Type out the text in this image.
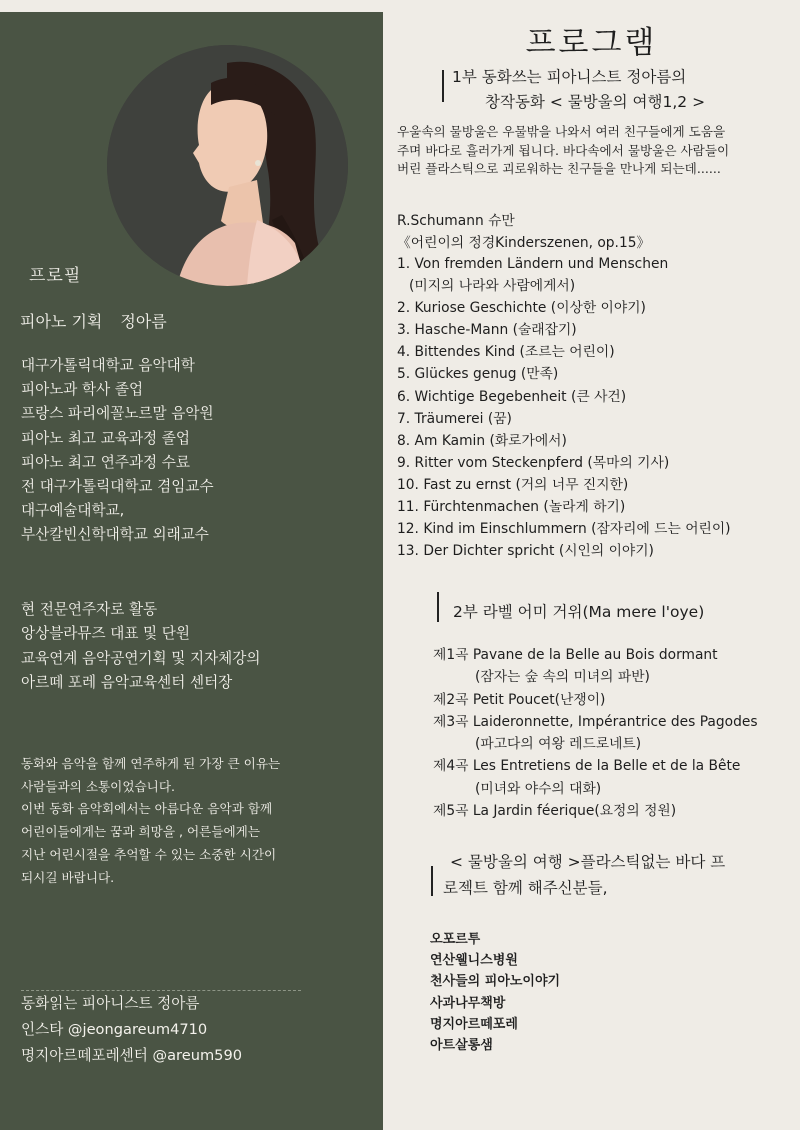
프로필
피아노 기획 정아름
대구가톨릭대학교 음악대학
피아노과 학사 졸업
프랑스 파리에꼴노르말 음악원
피아노 최고 교육과정 졸업
피아노 최고 연주과정 수료
전 대구가톨릭대학교 겸임교수
대구예술대학교,
부산칼빈신학대학교 외래교수
현 전문연주자로 활동
앙상블라뮤즈 대표 및 단원
교육연계 음악공연기획 및 지자체강의
아르떼 포레 음악교육센터 센터장
동화와 음악을 함께 연주하게 된 가장 큰 이유는
사람들과의 소통이었습니다.
이번 동화 음악회에서는 아름다운 음악과 함께
어린이들에게는 꿈과 희망을 , 어른들에게는
지난 어린시절을 추억할 수 있는 소중한 시간이
되시길 바랍니다.
동화읽는 피아니스트 정아름
인스타 @jeongareum4710
명지아르떼포레센터 @areum590
프로그램
1부 동화쓰는 피아니스트 정아름의
창작동화 < 물방울의 여행1,2 >
우울속의 물방울은 우물밖을 나와서 여러 친구들에게 도움을
주며 바다로 흘러가게 됩니다. 바다속에서 물방울은 사람들이
버린 플라스틱으로 괴로워하는 친구들을 만나게 되는데......
R.Schumann 슈만
《어린이의 정경Kinderszenen, op.15》
1. Von fremden Ländern und Menschen
(미지의 나라와 사람에게서)
2. Kuriose Geschichte (이상한 이야기)
3. Hasche-Mann (술래잡기)
4. Bittendes Kind (조르는 어린이)
5. Glückes genug (만족)
6. Wichtige Begebenheit (큰 사건)
7. Träumerei (꿈)
8. Am Kamin (화로가에서)
9. Ritter vom Steckenpferd (목마의 기사)
10. Fast zu ernst (거의 너무 진지한)
11. Fürchtenmachen (놀라게 하기)
12. Kind im Einschlummern (잠자리에 드는 어린이)
13. Der Dichter spricht (시인의 이야기)
2부 라벨 어미 거위(Ma mere l'oye)
제1곡 Pavane de la Belle au Bois dormant
(잠자는 숲 속의 미녀의 파반)
제2곡 Petit Poucet(난쟁이)
제3곡 Laideronnette, Impérantrice des Pagodes
(파고다의 여왕 레드로네트)
제4곡 Les Entretiens de la Belle et de la Bête
(미녀와 야수의 대화)
제5곡 La Jardin féerique(요정의 정원)
< 물방울의 여행 >플라스틱없는 바다 프
로젝트 함께 해주신분들,
오포르투
연산웰니스병원
천사들의 피아노이야기
사과나무책방
명지아르떼포레
아트살롱샘
